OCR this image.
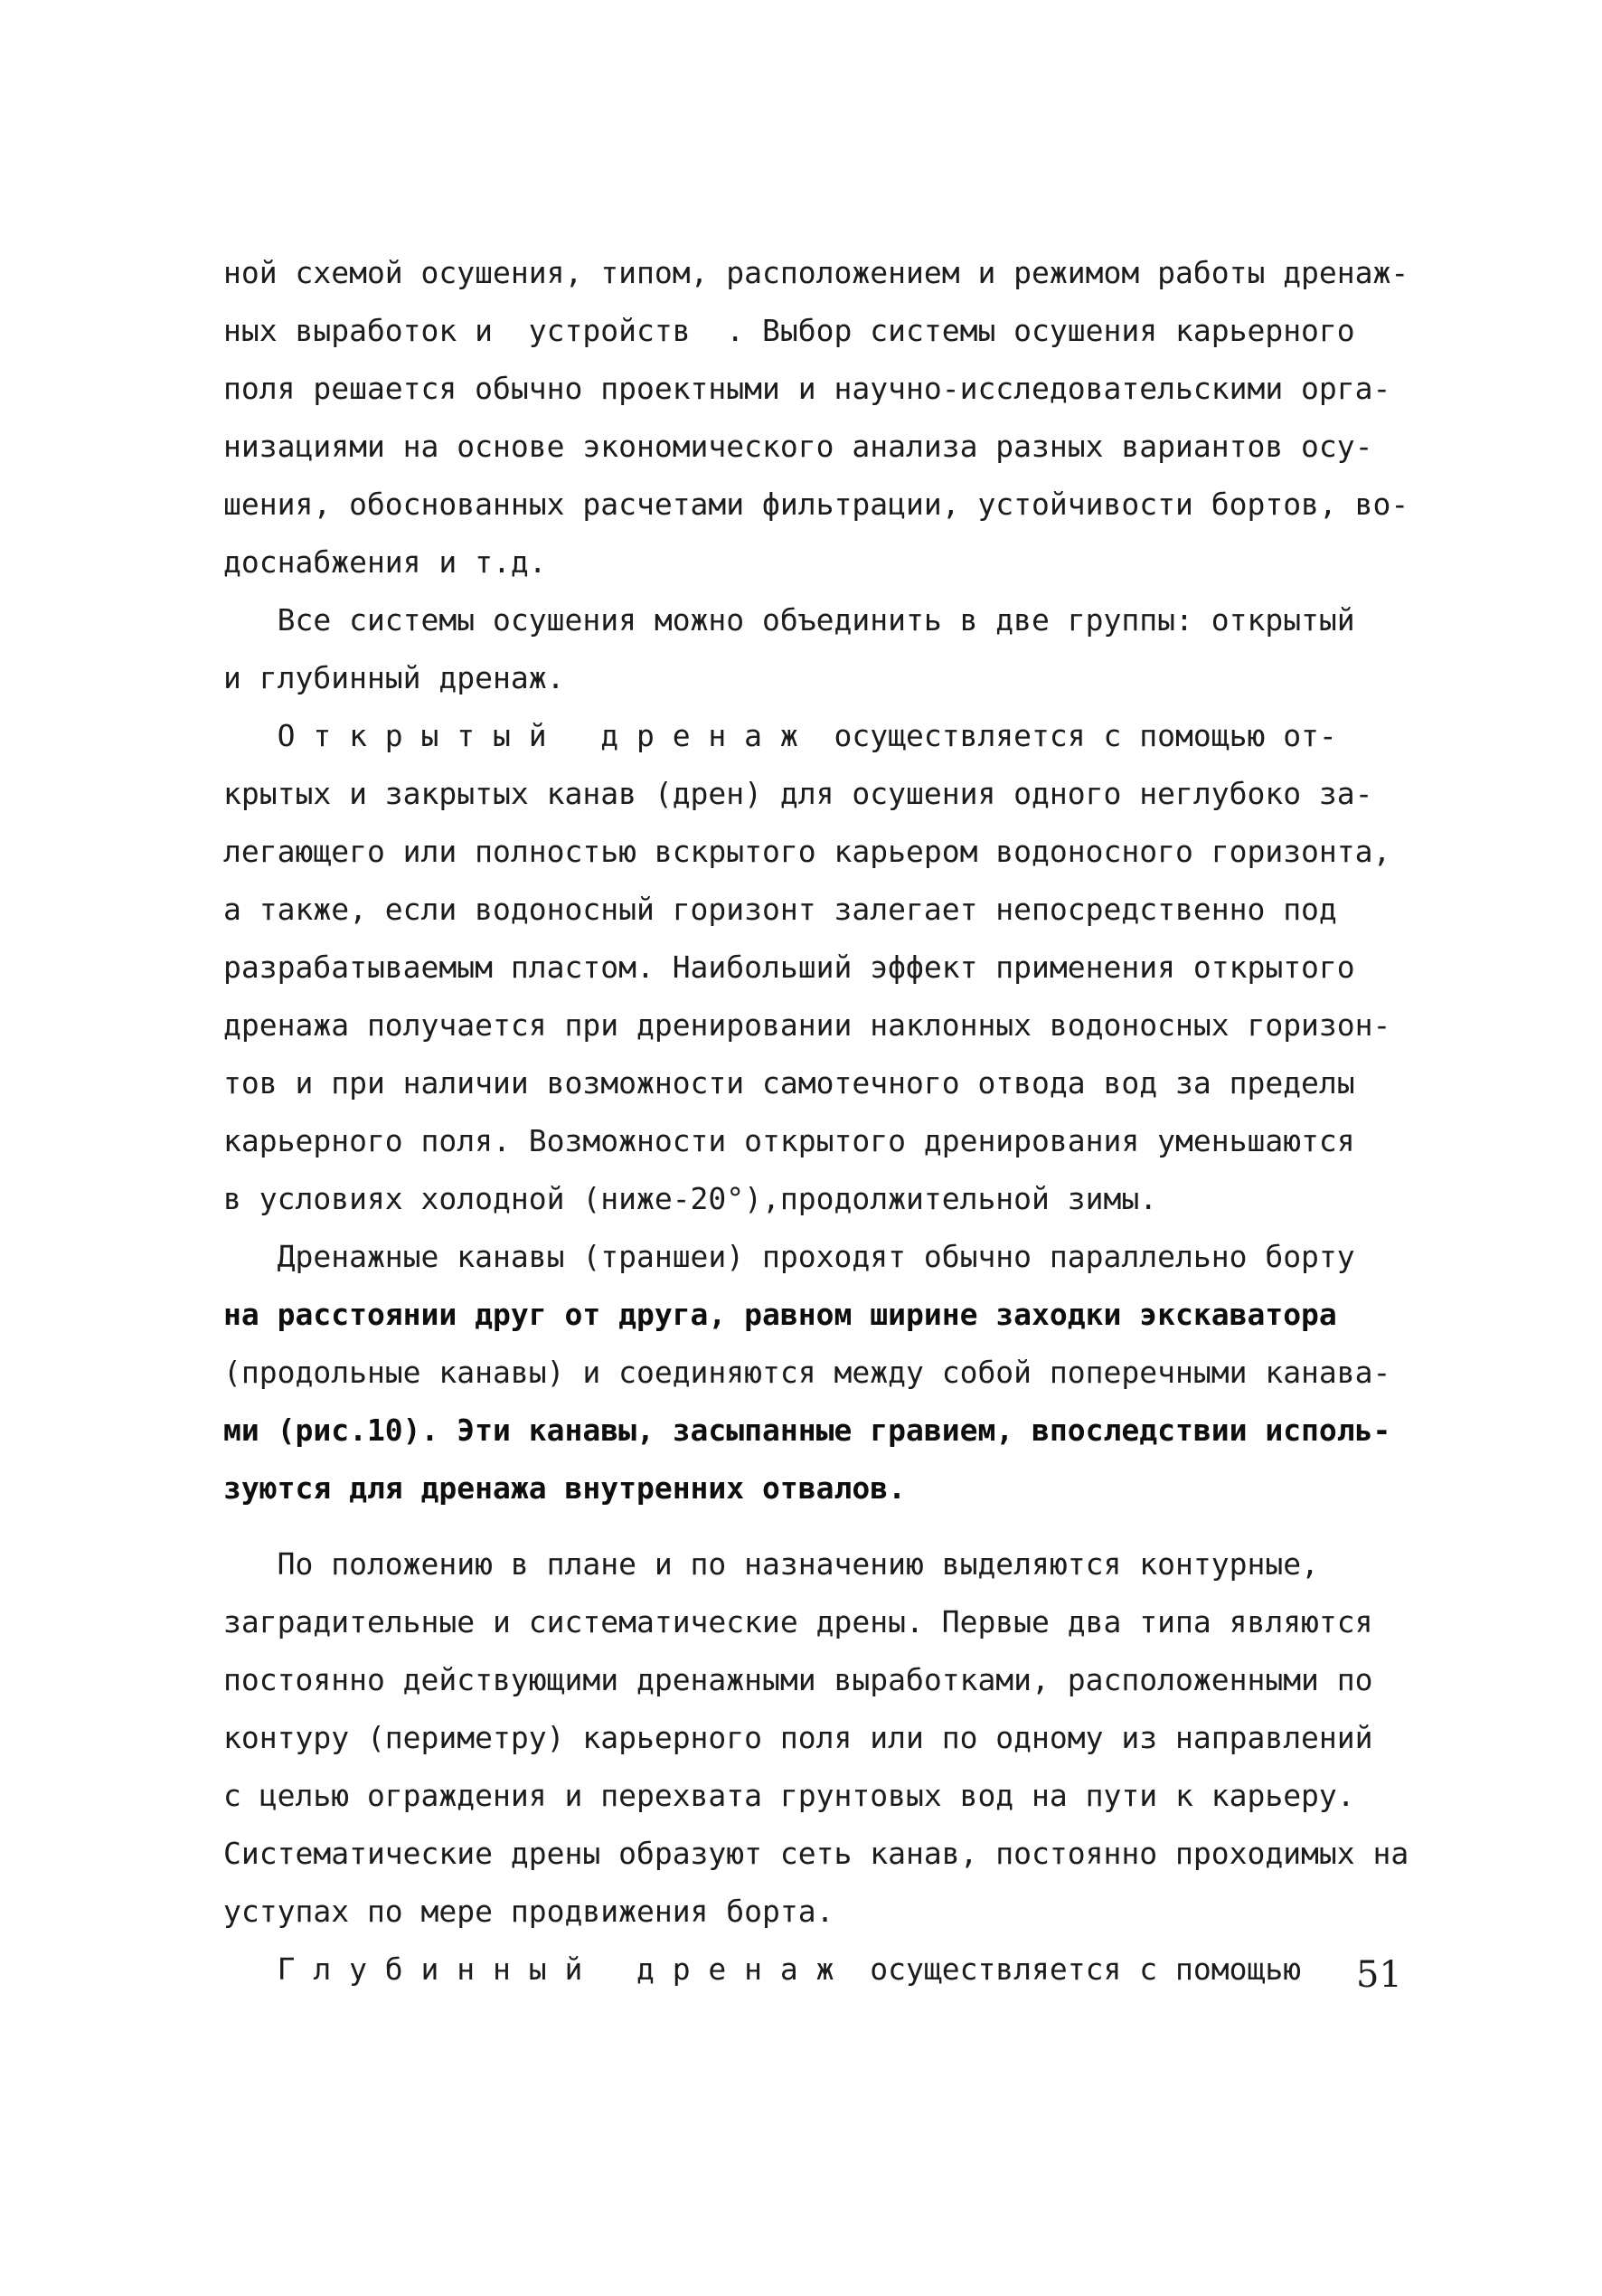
ной схемой осушения, типом, расположением и режимом работы дренаж-
ных выработок и  устройств  . Выбор системы осушения карьерного
поля решается обычно проектными и научно-исследовательскими орга-
низациями на основе экономического анализа разных вариантов осу-
шения, обоснованных расчетами фильтрации, устойчивости бортов, во-
доснабжения и т.д.
Все системы осушения можно объединить в две группы: открытый
и глубинный дренаж.
О т к р ы т ы й   д р е н а ж  осуществляется с помощью от-
крытых и закрытых канав (дрен) для осушения одного неглубоко за-
легающего или полностью вскрытого карьером водоносного горизонта,
а также, если водоносный горизонт залегает непосредственно под
разрабатываемым пластом. Наибольший эффект применения открытого
дренажа получается при дренировании наклонных водоносных горизон-
тов и при наличии возможности самотечного отвода вод за пределы
карьерного поля. Возможности открытого дренирования уменьшаются
в условиях холодной (ниже-20°),продолжительной зимы.
Дренажные канавы (траншеи) проходят обычно параллельно борту
на расстоянии друг от друга, равном ширине заходки экскаватора
(продольные канавы) и соединяются между собой поперечными канава-
ми (рис.10). Эти канавы, засыпанные гравием, впоследствии исполь-
зуются для дренажа внутренних отвалов.
По положению в плане и по назначению выделяются контурные,
заградительные и систематические дрены. Первые два типа являются
постоянно действующими дренажными выработками, расположенными по
контуру (периметру) карьерного поля или по одному из направлений
с целью ограждения и перехвата грунтовых вод на пути к карьеру.
Систематические дрены образуют сеть канав, постоянно проходимых на
уступах по мере продвижения борта.
Г л у б и н н ы й   д р е н а ж  осуществляется с помощью	51
